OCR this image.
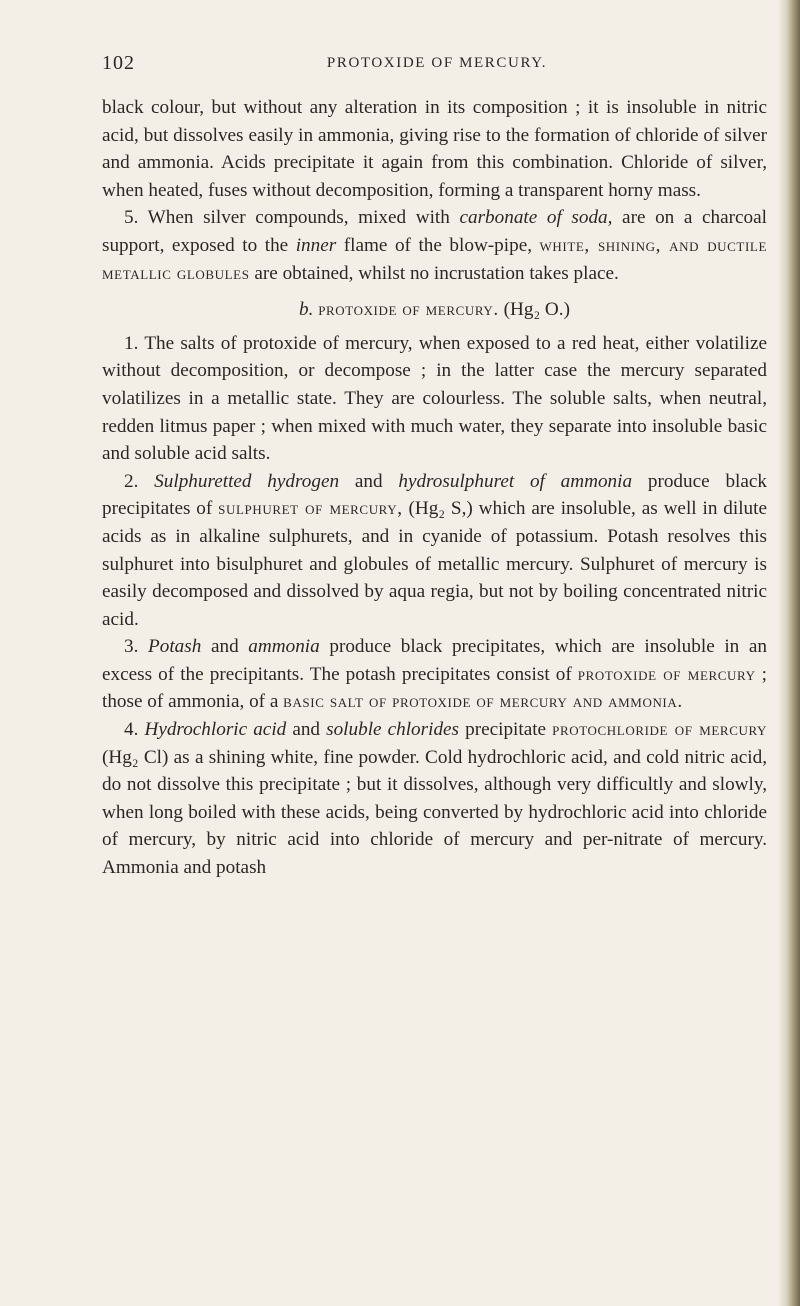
102	PROTOXIDE OF MERCURY.

black colour, but without any alteration in its composition ; it is insoluble in nitric acid, but dissolves easily in ammonia, giving rise to the formation of chloride of silver and ammonia. Acids precipitate it again from this combination. Chloride of silver, when heated, fuses without decomposition, forming a transparent horny mass.

5. When silver compounds, mixed with carbonate of soda, are on a charcoal support, exposed to the inner flame of the blow-pipe, white, shining, and ductile metallic globules are obtained, whilst no incrustation takes place.

b. protoxide of mercury. (Hg₂ O.)

1. The salts of protoxide of mercury, when exposed to a red heat, either volatilize without decomposition, or decompose ; in the latter case the mercury separated volatilizes in a metallic state. They are colourless. The soluble salts, when neutral, redden litmus paper ; when mixed with much water, they separate into insoluble basic and soluble acid salts.

2. Sulphuretted hydrogen and hydrosulphuret of ammonia produce black precipitates of sulphuret of mercury, (Hg₂ S,) which are insoluble, as well in dilute acids as in alkaline sulphurets, and in cyanide of potassium. Potash resolves this sulphuret into bisulphuret and globules of metallic mercury. Sulphuret of mercury is easily decomposed and dissolved by aqua regia, but not by boiling concentrated nitric acid.

3. Potash and ammonia produce black precipitates, which are insoluble in an excess of the precipitants. The potash precipitates consist of protoxide of mercury ; those of ammonia, of a basic salt of protoxide of mercury and ammonia.

4. Hydrochloric acid and soluble chlorides precipitate protochloride of mercury (Hg₂ Cl) as a shining white, fine powder. Cold hydrochloric acid, and cold nitric acid, do not dissolve this precipitate ; but it dissolves, although very difficultly and slowly, when long boiled with these acids, being converted by hydrochloric acid into chloride of mercury, by nitric acid into chloride of mercury and per-nitrate of mercury. Ammonia and potash
